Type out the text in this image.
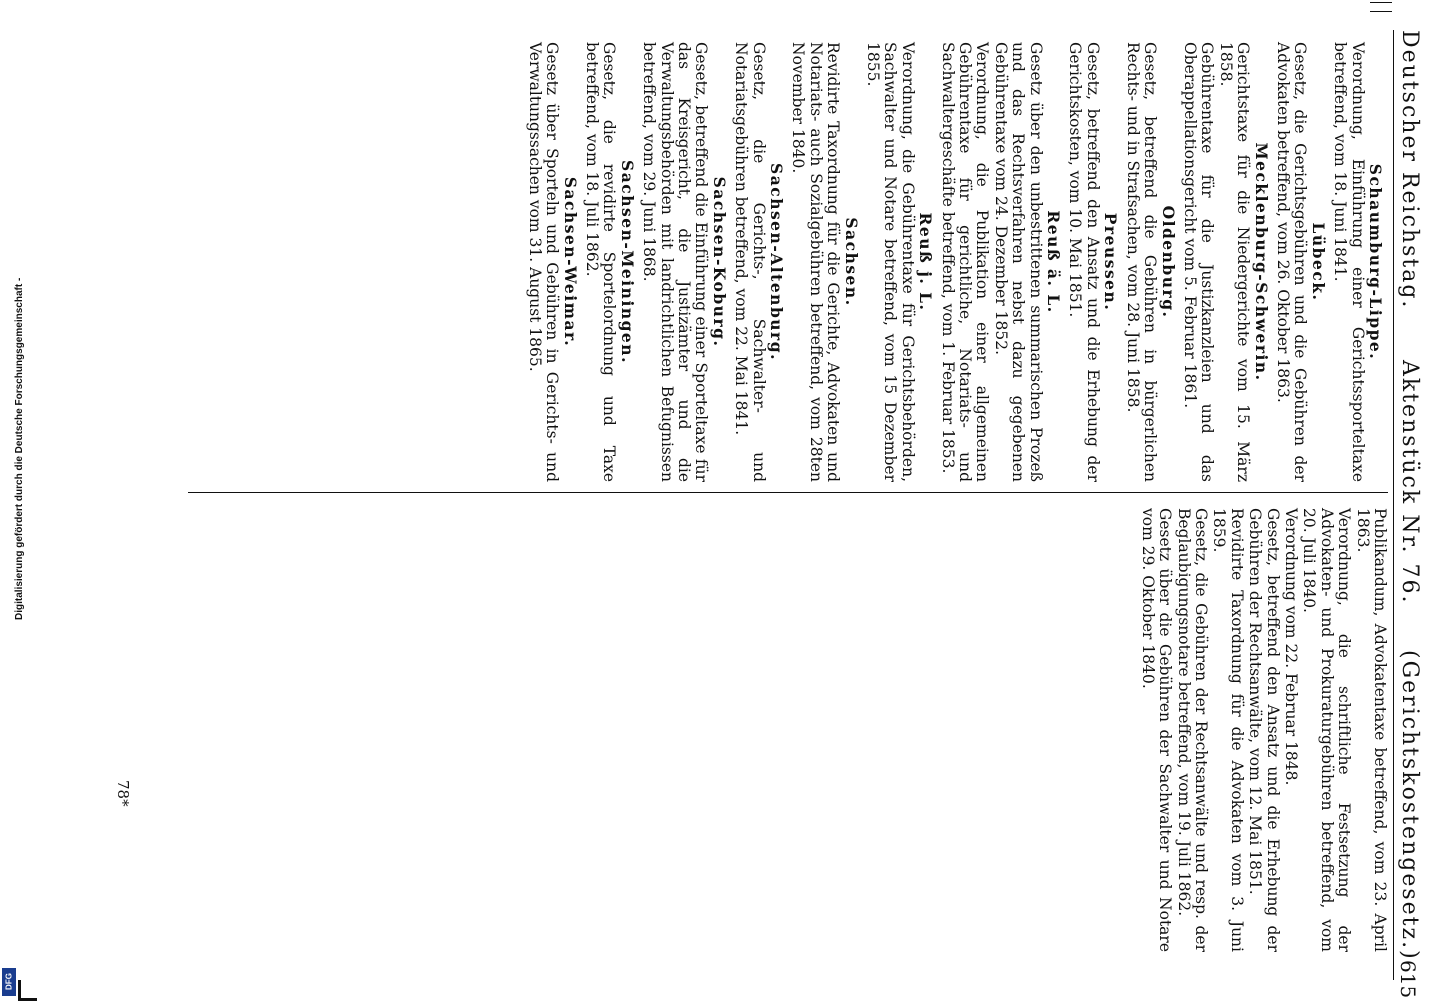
Deutscher Reichstag.
Aktenstück Nr. 76.
(Gerichtskostengesetz.)
615
Schaumburg-Lippe.
Verordnung, Einführung einer Gerichtssporteltaxe betreffend, vom 18. Juni 1841.
Lübeck.
Gesetz, die Gerichtsgebühren und die Gebühren der Advokaten betreffend, vom 26. Oktober 1863.
Mecklenburg-Schwerin.
Gerichtstaxe für die Niedergerichte vom 15. März 1858.
Gebührentaxe für die Justizkanzleien und das Oberappellationsgericht vom 5. Februar 1861.
Oldenburg.
Gesetz, betreffend die Gebühren in bürgerlichen Rechts- und in Strafsachen, vom 28. Juni 1858.
Preussen.
Gesetz, betreffend den Ansatz und die Erhebung der Gerichtskosten, vom 10. Mai 1851.
Reuß ä. L.
Gesetz über den unbestrittenen summarischen Prozeß und das Rechtsverfahren nebst dazu gegebenen Gebührentaxe vom 24. Dezember 1852.
Verordnung, die Publikation einer allgemeinen Gebührentaxe für gerichtliche, Notariats- und Sachwaltergeschäfte betreffend, vom 1. Februar 1853.
Reuß j. L.
Verordnung, die Gebührentaxe für Gerichtsbehörden, Sachwalter und Notare betreffend, vom 15 Dezember 1855.
Sachsen.
Revidirte Taxordnung für die Gerichte, Advokaten und Notariats- auch Sozialgebühren betreffend, vom 28ten November 1840.
Sachsen-Altenburg.
Gesetz, die Gerichts-, Sachwalter- und Notariatsgebühren betreffend, vom 22. Mai 1841.
Sachsen-Koburg.
Gesetz, betreffend die Einführung einer Sporteltaxe für das Kreisgericht, die Justizämter und die Verwaltungsbehörden mit landrichtlichen Befugnissen betreffend, vom 29. Juni 1868.
Sachsen-Meiningen.
Gesetz, die revidirte Sportelordnung und Taxe betreffend, vom 18. Juli 1862.
Sachsen-Weimar.
Gesetz über Sporteln und Gebühren in Gerichts- und Verwaltungssachen vom 31. August 1865.
Publikandum, Advokatentaxe betreffend, vom 23. April 1863.
Verordnung, die schriftliche Festsetzung der Advokaten- und Prokuraturgebühren betreffend, vom 20. Juli 1840.
Verordnung vom 22. Februar 1848.
Gesetz, betreffend den Ansatz und die Erhebung der Gebühren der Rechtsanwälte, vom 12. Mai 1851.
Revidirte Taxordnung für die Advokaten vom 3. Juni 1859.
Gesetz, die Gebühren der Rechtsanwälte und resp. der Beglaubigungsnotare betreffend, vom 19. Juli 1862.
Gesetz über die Gebühren der Sachwalter und Notare vom 29. Oktober 1840.
78*
Digitalisierung gefördert durch die Deutsche Forschungsgemeinschaft -
DFG
